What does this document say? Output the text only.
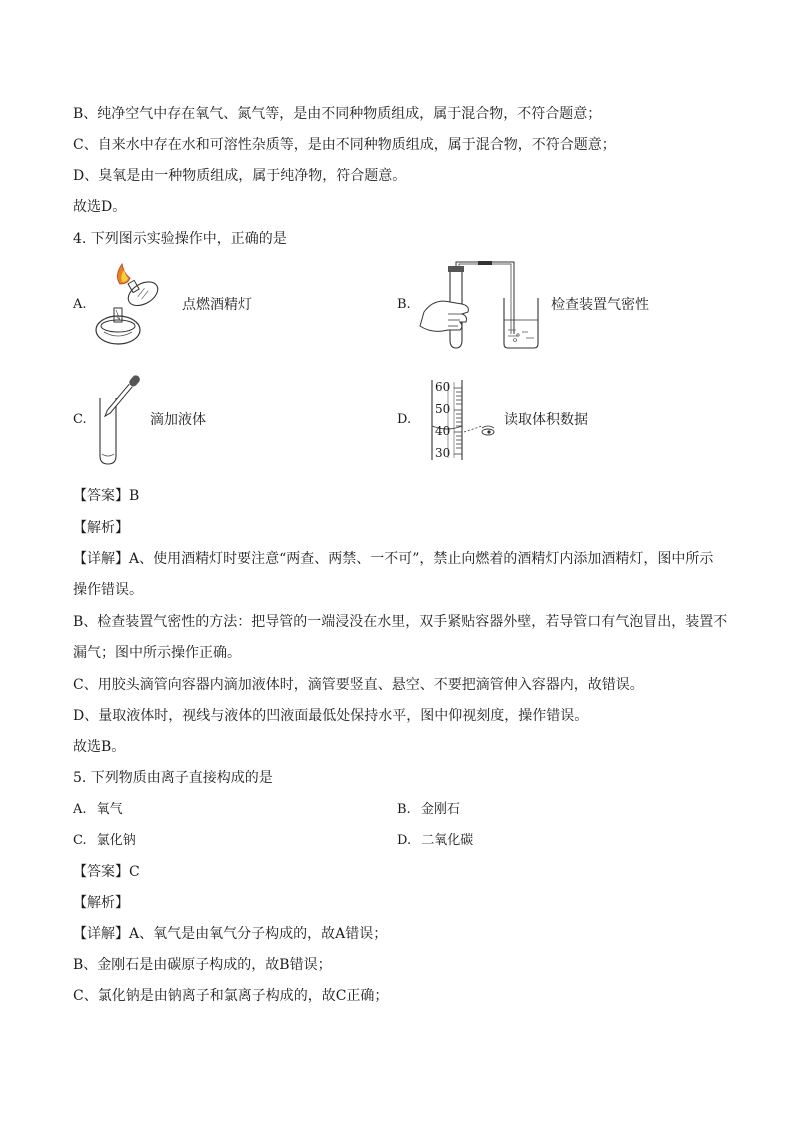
B、纯净空气中存在氧气、氮气等，是由不同种物质组成，属于混合物，不符合题意；
C、自来水中存在水和可溶性杂质等，是由不同种物质组成，属于混合物，不符合题意；
D、臭氧是由一种物质组成，属于纯净物，符合题意。
故选D。
4. 下列图示实验操作中，正确的是
A.	点燃酒精灯	B.	检查装置气密性
C.	滴加液体	D.
60
50
40
30
读取体积数据
【答案】B
【解析】
【详解】A、使用酒精灯时要注意“两查、两禁、一不可”，禁止向燃着的酒精灯内添加酒精灯，图中所示
操作错误。
B、检查装置气密性的方法：把导管的一端浸没在水里，双手紧贴容器外壁，若导管口有气泡冒出，装置不
漏气；图中所示操作正确。
C、用胶头滴管向容器内滴加液体时，滴管要竖直、悬空、不要把滴管伸入容器内，故错误。
D、量取液体时，视线与液体的凹液面最低处保持水平，图中仰视刻度，操作错误。
故选B。
5. 下列物质由离子直接构成的是
A. 氧气	B. 金刚石
C. 氯化钠	D. 二氧化碳
【答案】C
【解析】
【详解】A、氧气是由氧气分子构成的，故A错误；
B、金刚石是由碳原子构成的，故B错误；
C、氯化钠是由钠离子和氯离子构成的，故C正确；
